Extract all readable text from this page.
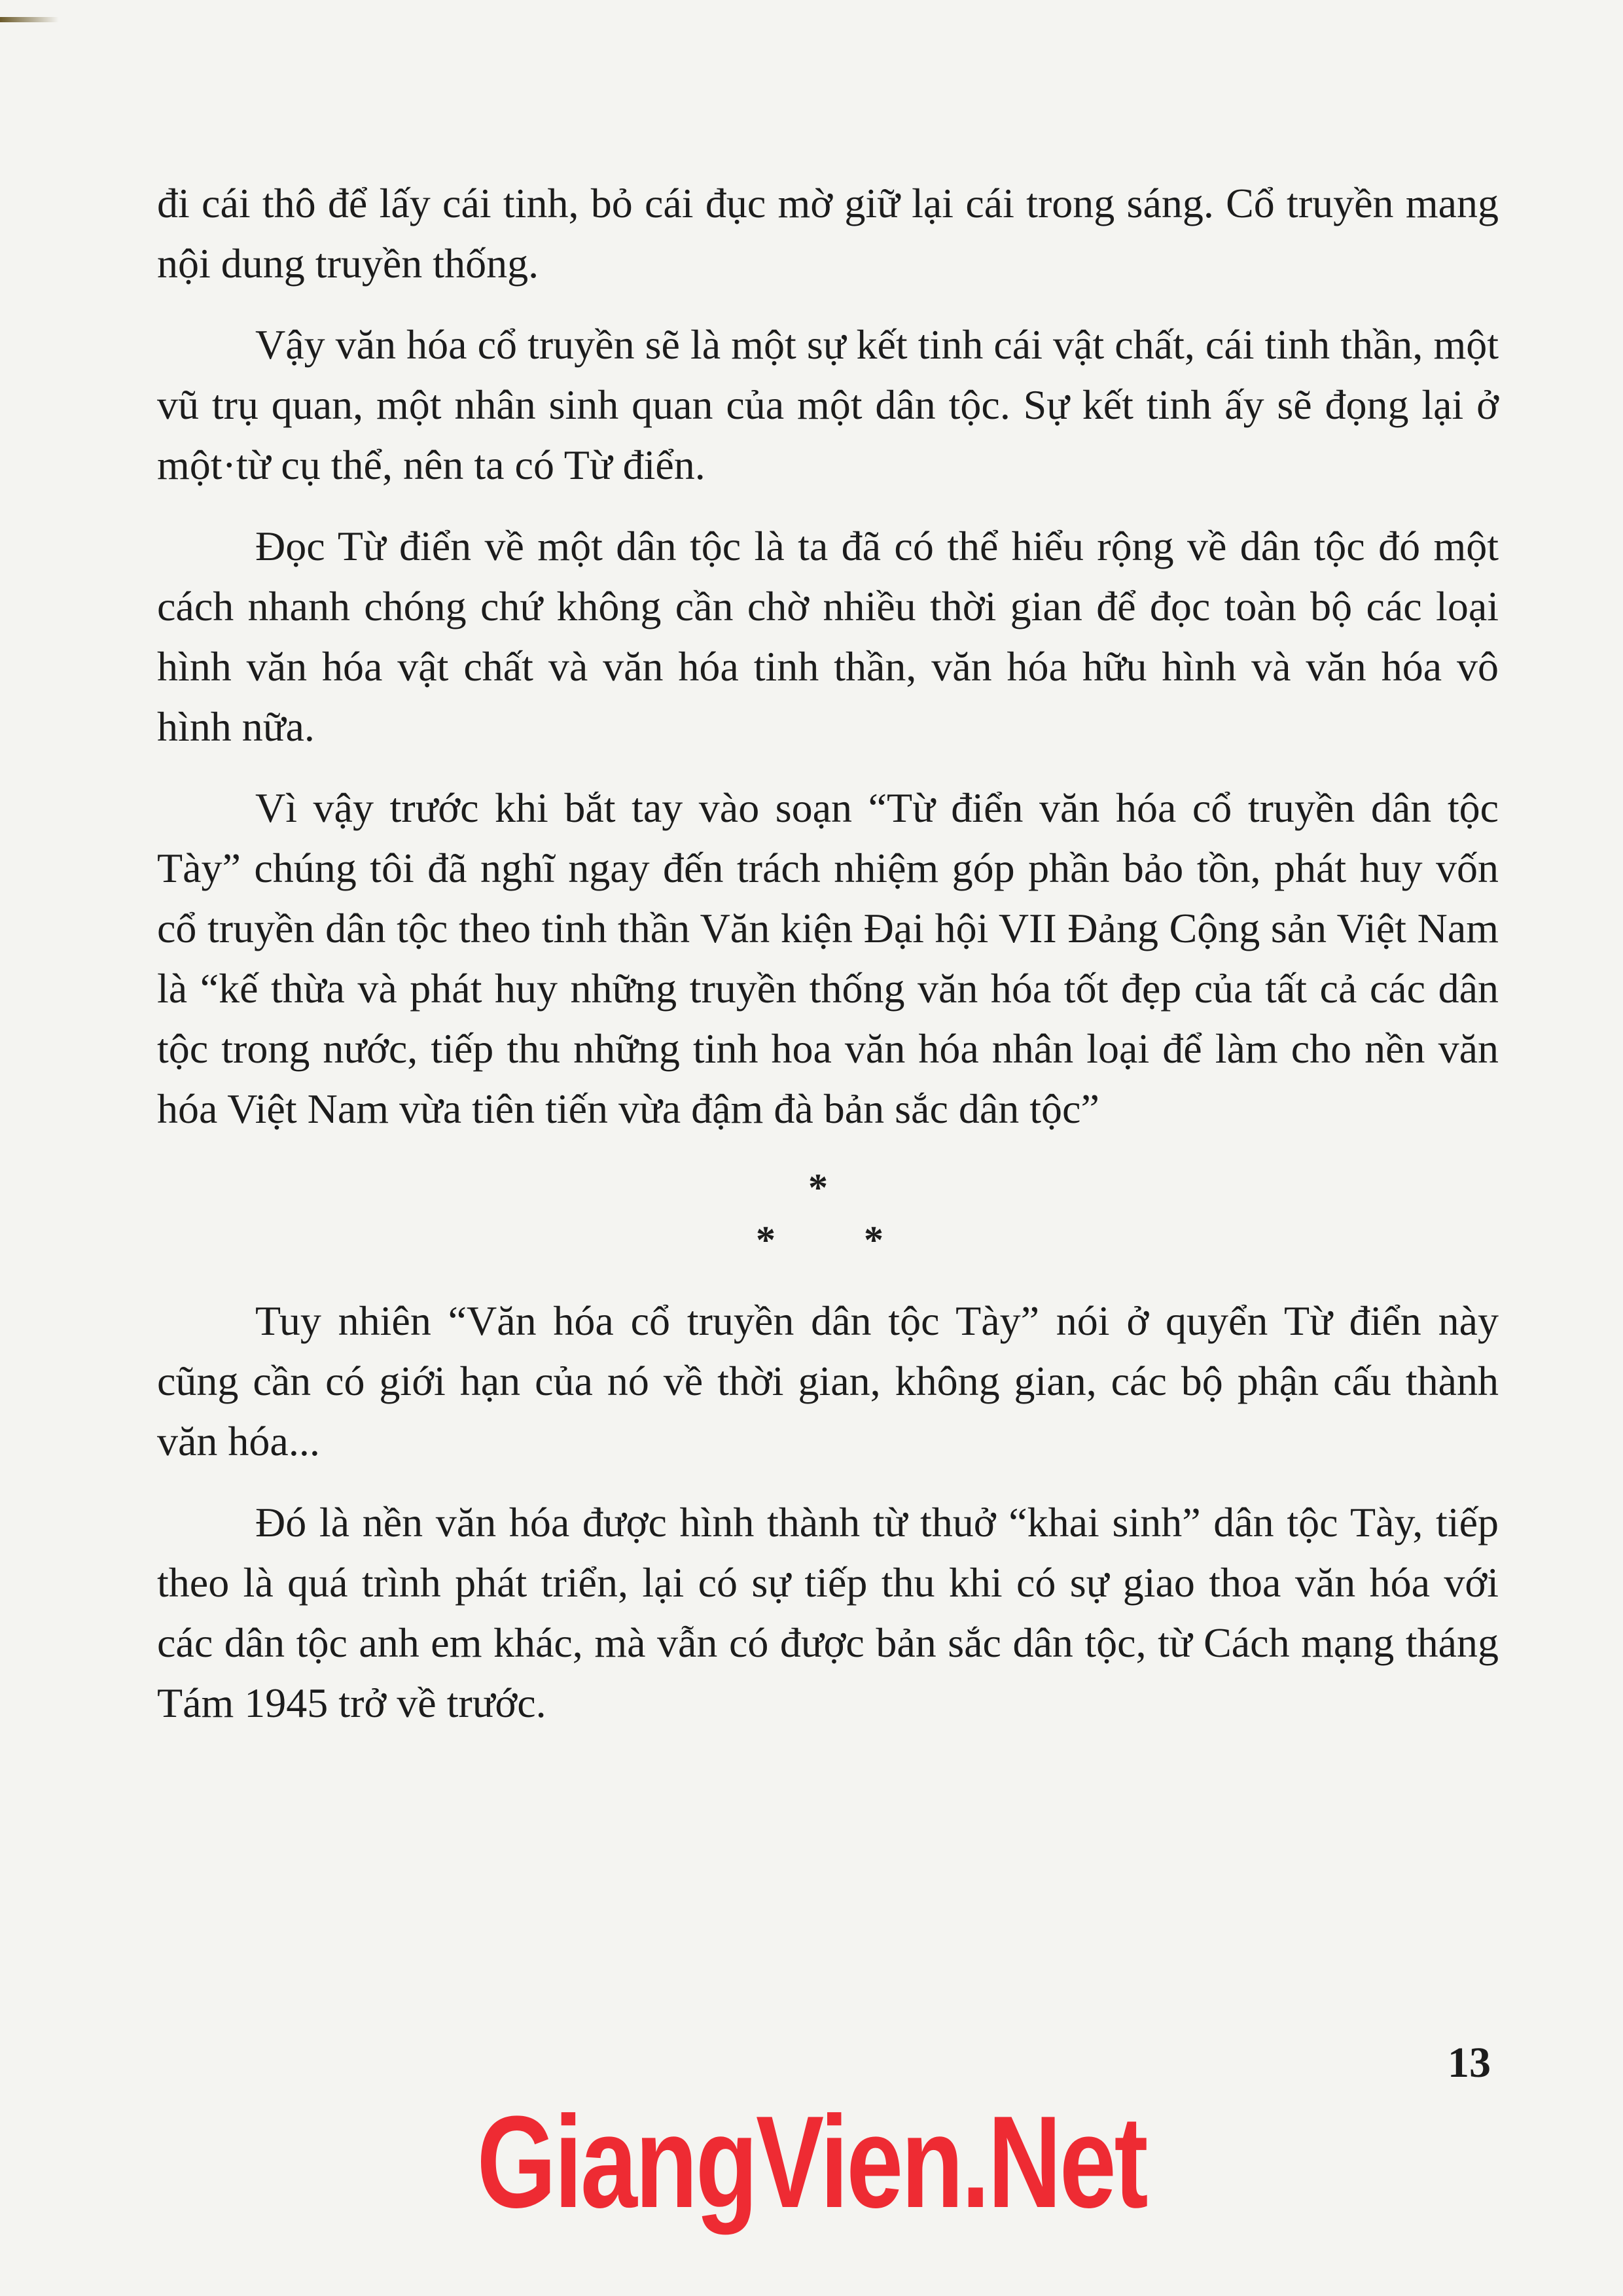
đi cái thô để lấy cái tinh, bỏ cái đục mờ giữ lại cái trong sáng. Cổ truyền mang nội dung truyền thống.

Vậy văn hóa cổ truyền sẽ là một sự kết tinh cái vật chất, cái tinh thần, một vũ trụ quan, một nhân sinh quan của một dân tộc. Sự kết tinh ấy sẽ đọng lại ở một·từ cụ thể, nên ta có Từ điển.

Đọc Từ điển về một dân tộc là ta đã có thể hiểu rộng về dân tộc đó một cách nhanh chóng chứ không cần chờ nhiều thời gian để đọc toàn bộ các loại hình văn hóa vật chất và văn hóa tinh thần, văn hóa hữu hình và văn hóa vô hình nữa.

Vì vậy trước khi bắt tay vào soạn “Từ điển văn hóa cổ truyền dân tộc Tày” chúng tôi đã nghĩ ngay đến trách nhiệm góp phần bảo tồn, phát huy vốn cổ truyền dân tộc theo tinh thần Văn kiện Đại hội VII Đảng Cộng sản Việt Nam là “kế thừa và phát huy những truyền thống văn hóa tốt đẹp của tất cả các dân tộc trong nước, tiếp thu những tinh hoa văn hóa nhân loại để làm cho nền văn hóa Việt Nam vừa tiên tiến vừa đậm đà bản sắc dân tộc”

*
* *

Tuy nhiên “Văn hóa cổ truyền dân tộc Tày” nói ở quyển Từ điển này cũng cần có giới hạn của nó về thời gian, không gian, các bộ phận cấu thành văn hóa...

Đó là nền văn hóa được hình thành từ thuở “khai sinh” dân tộc Tày, tiếp theo là quá trình phát triển, lại có sự tiếp thu khi có sự giao thoa văn hóa với các dân tộc anh em khác, mà vẫn có được bản sắc dân tộc, từ Cách mạng tháng Tám 1945 trở về trước.

13
GiangVien.Net
